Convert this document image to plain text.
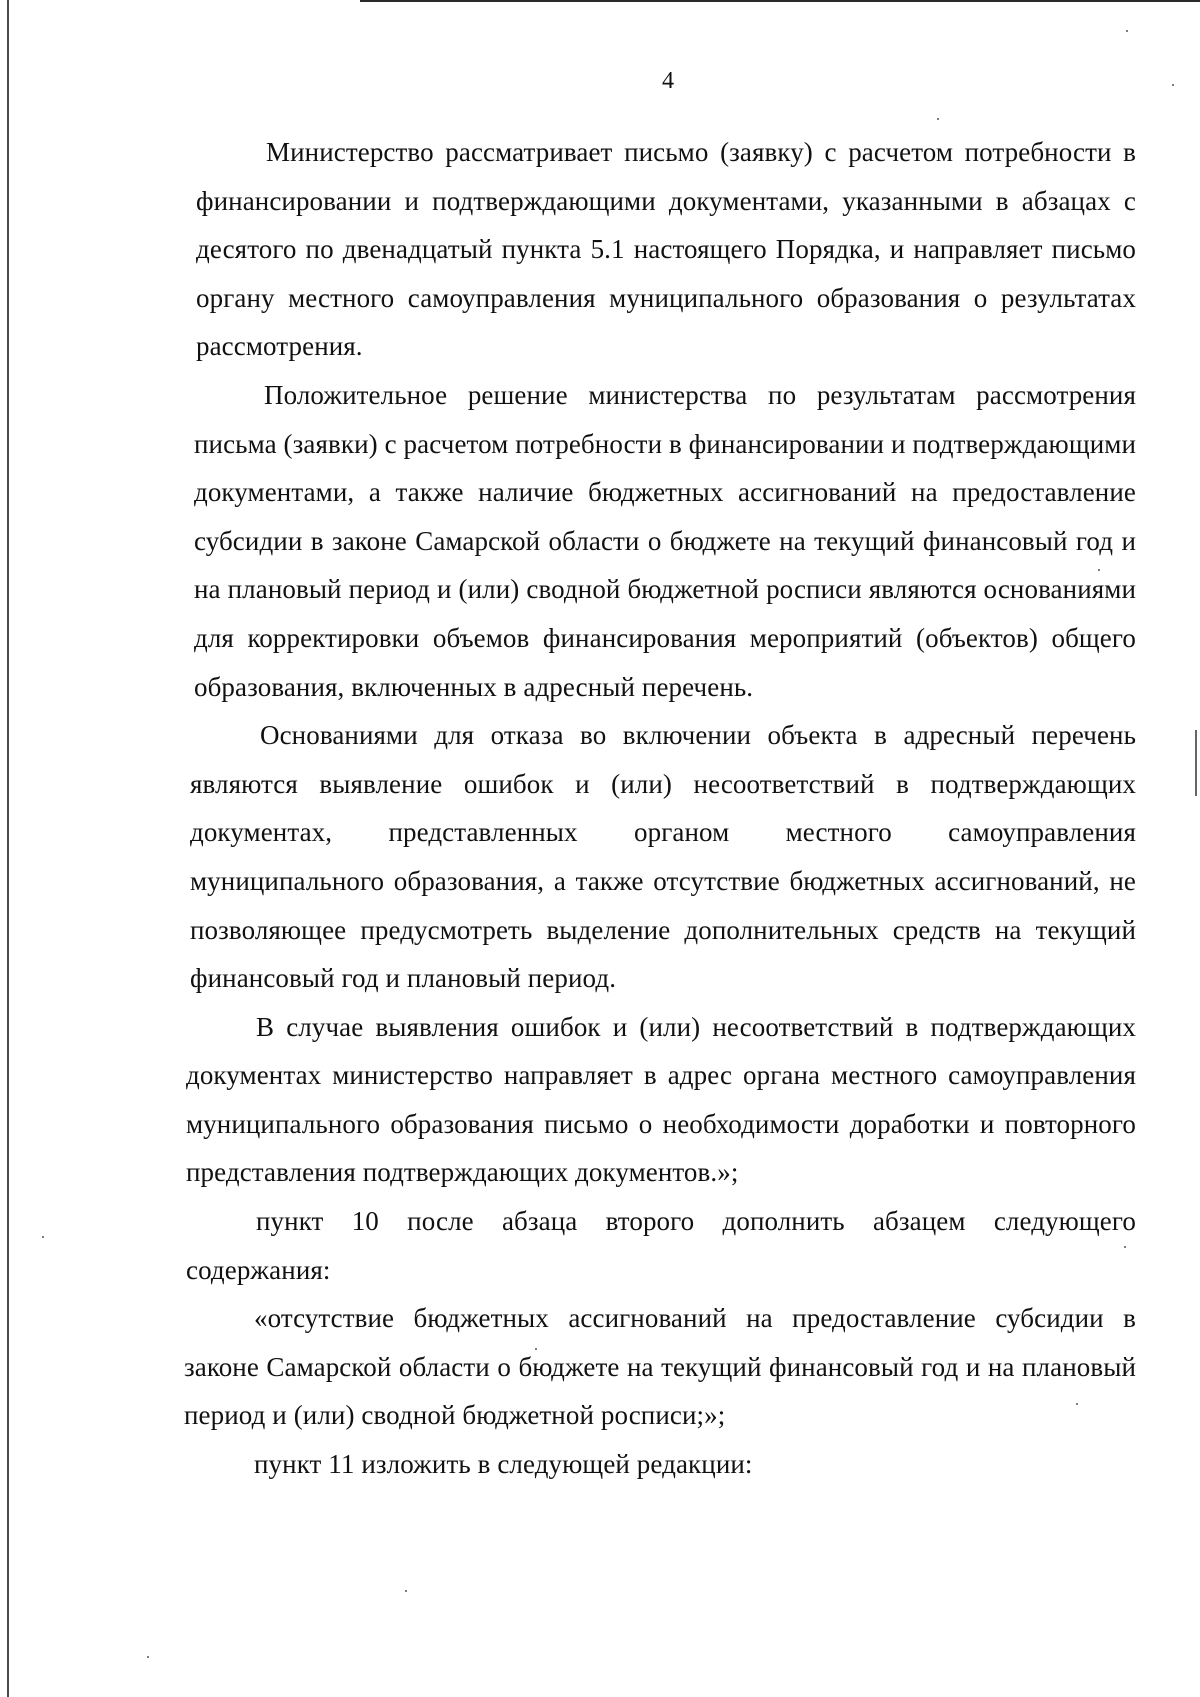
4

Министерство рассматривает письмо (заявку) с расчетом потребности в финансировании и подтверждающими документами, указанными в абзацах с десятого по двенадцатый пункта 5.1 настоящего Порядка, и направляет письмо органу местного самоуправления муниципального образования о результатах рассмотрения.

Положительное решение министерства по результатам рассмотрения письма (заявки) с расчетом потребности в финансировании и подтверждающими документами, а также наличие бюджетных ассигнований на предоставление субсидии в законе Самарской области о бюджете на текущий финансовый год и на плановый период и (или) сводной бюджетной росписи являются основаниями для корректировки объемов финансирования мероприятий (объектов) общего образования, включенных в адресный перечень.

Основаниями для отказа во включении объекта в адресный перечень являются выявление ошибок и (или) несоответствий в подтверждающих документах, представленных органом местного самоуправления муниципального образования, а также отсутствие бюджетных ассигнований, не позволяющее предусмотреть выделение дополнительных средств на текущий финансовый год и плановый период.

В случае выявления ошибок и (или) несоответствий в подтверждающих документах министерство направляет в адрес органа местного самоуправления муниципального образования письмо о необходимости доработки и повторного представления подтверждающих документов.»;

пункт 10 после абзаца второго дополнить абзацем следующего содержания:

«отсутствие бюджетных ассигнований на предоставление субсидии в законе Самарской области о бюджете на текущий финансовый год и на плановый период и (или) сводной бюджетной росписи;»;

пункт 11 изложить в следующей редакции:
